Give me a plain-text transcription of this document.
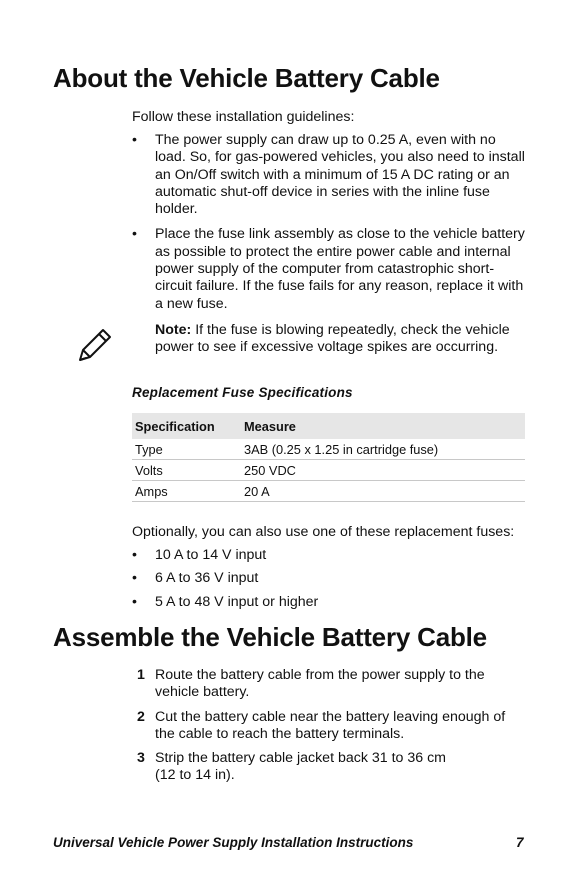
About the Vehicle Battery Cable
Follow these installation guidelines:
• The power supply can draw up to 0.25 A, even with no load. So, for gas-powered vehicles, you also need to install an On/Off switch with a minimum of 15 A DC rating or an automatic shut-off device in series with the inline fuse holder.
• Place the fuse link assembly as close to the vehicle battery as possible to protect the entire power cable and internal power supply of the computer from catastrophic short-circuit failure. If the fuse fails for any reason, replace it with a new fuse.
Note: If the fuse is blowing repeatedly, check the vehicle power to see if excessive voltage spikes are occurring.
Replacement Fuse Specifications
Specification	Measure
Type	3AB (0.25 x 1.25 in cartridge fuse)
Volts	250 VDC
Amps	20 A
Optionally, you can also use one of these replacement fuses:
• 10 A to 14 V input
• 6 A to 36 V input
• 5 A to 48 V input or higher
Assemble the Vehicle Battery Cable
1 Route the battery cable from the power supply to the vehicle battery.
2 Cut the battery cable near the battery leaving enough of the cable to reach the battery terminals.
3 Strip the battery cable jacket back 31 to 36 cm
(12 to 14 in).
Universal Vehicle Power Supply Installation Instructions	7
